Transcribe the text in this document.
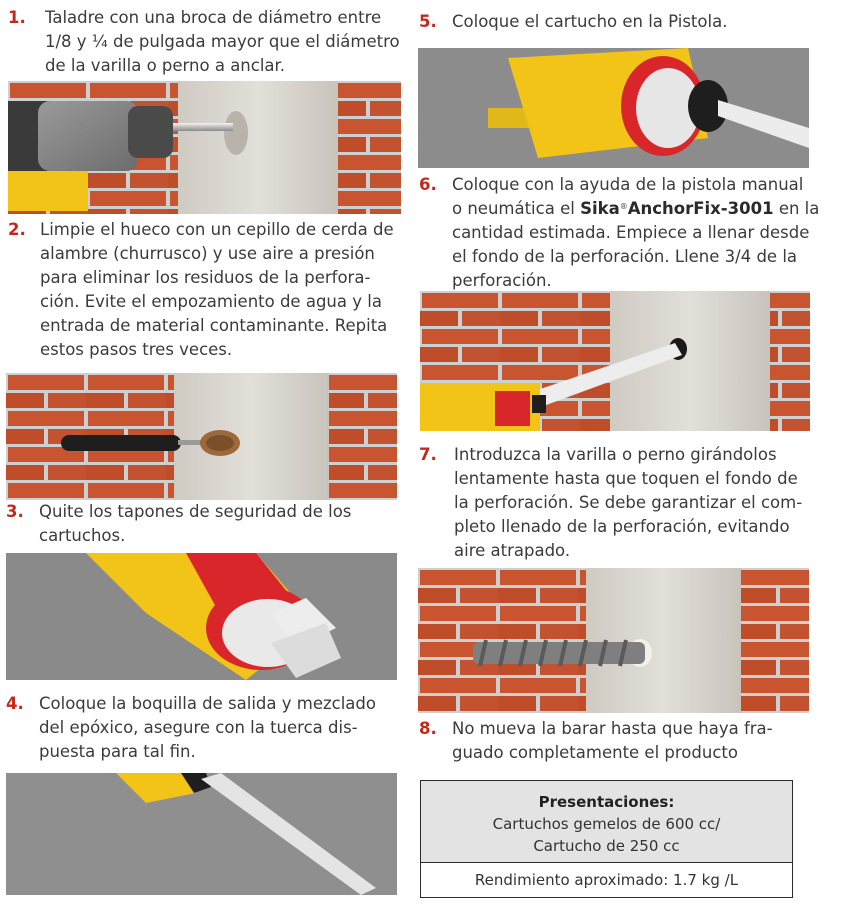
1. Taladre con una broca de diámetro entre
1/8 y ¼ de pulgada mayor que el diámetro
de la varilla o perno a anclar.
2. Limpie el hueco con un cepillo de cerda de
alambre (churrusco) y use aire a presión
para eliminar los residuos de la perfora-
ción. Evite el empozamiento de agua y la
entrada de material contaminante. Repita
estos pasos tres veces.
3. Quite los tapones de seguridad de los
cartuchos.
4. Coloque la boquilla de salida y mezclado
del epóxico, asegure con la tuerca dis-
puesta para tal fin.
5. Coloque el cartucho en la Pistola.
6. Coloque con la ayuda de la pistola manual
o neumática el Sika®AnchorFix-3001 en la
cantidad estimada. Empiece a llenar desde
el fondo de la perforación. Llene 3/4 de la
perforación.
7. Introduzca la varilla o perno girándolos
lentamente hasta que toquen el fondo de
la perforación. Se debe garantizar el com-
pleto llenado de la perforación, evitando
aire atrapado.
8. No mueva la barar hasta que haya fra-
guado completamente el producto
Presentaciones:
Cartuchos gemelos de 600 cc/
Cartucho de 250 cc
Rendimiento aproximado: 1.7 kg /L
